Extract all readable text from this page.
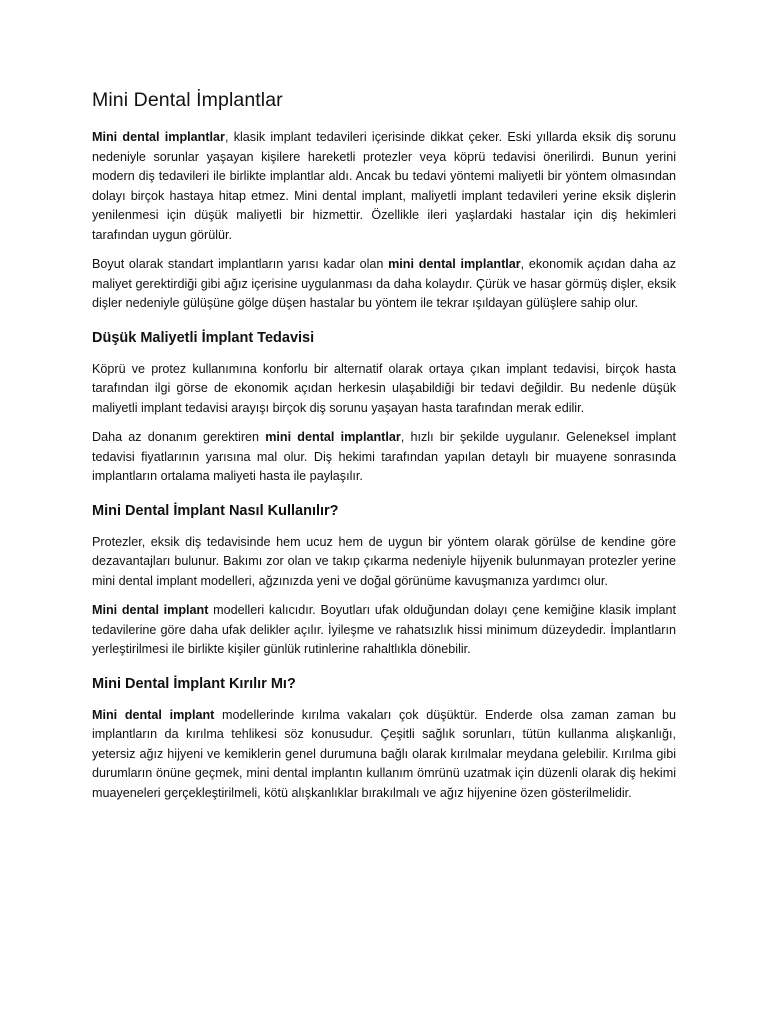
Mini Dental İmplantlar

Mini dental implantlar, klasik implant tedavileri içerisinde dikkat çeker. Eski yıllarda eksik diş sorunu nedeniyle sorunlar yaşayan kişilere hareketli protezler veya köprü tedavisi önerilirdi. Bunun yerini modern diş tedavileri ile birlikte implantlar aldı. Ancak bu tedavi yöntemi maliyetli bir yöntem olmasından dolayı birçok hastaya hitap etmez. Mini dental implant, maliyetli implant tedavileri yerine eksik dişlerin yenilenmesi için düşük maliyetli bir hizmettir. Özellikle ileri yaşlardaki hastalar için diş hekimleri tarafından uygun görülür.

Boyut olarak standart implantların yarısı kadar olan mini dental implantlar, ekonomik açıdan daha az maliyet gerektirdiği gibi ağız içerisine uygulanması da daha kolaydır. Çürük ve hasar görmüş dişler, eksik dişler nedeniyle gülüşüne gölge düşen hastalar bu yöntem ile tekrar ışıldayan gülüşlere sahip olur.

Düşük Maliyetli İmplant Tedavisi

Köprü ve protez kullanımına konforlu bir alternatif olarak ortaya çıkan implant tedavisi, birçok hasta tarafından ilgi görse de ekonomik açıdan herkesin ulaşabildiği bir tedavi değildir. Bu nedenle düşük maliyetli implant tedavisi arayışı birçok diş sorunu yaşayan hasta tarafından merak edilir.

Daha az donanım gerektiren mini dental implantlar, hızlı bir şekilde uygulanır. Geleneksel implant tedavisi fiyatlarının yarısına mal olur. Diş hekimi tarafından yapılan detaylı bir muayene sonrasında implantların ortalama maliyeti hasta ile paylaşılır.

Mini Dental İmplant Nasıl Kullanılır?

Protezler, eksik diş tedavisinde hem ucuz hem de uygun bir yöntem olarak görülse de kendine göre dezavantajları bulunur. Bakımı zor olan ve takıp çıkarma nedeniyle hijyenik bulunmayan protezler yerine mini dental implant modelleri, ağzınızda yeni ve doğal görünüme kavuşmanıza yardımcı olur.

Mini dental implant modelleri kalıcıdır. Boyutları ufak olduğundan dolayı çene kemiğine klasik implant tedavilerine göre daha ufak delikler açılır. İyileşme ve rahatsızlık hissi minimum düzeydedir. İmplantların yerleştirilmesi ile birlikte kişiler günlük rutinlerine rahaltlıkla dönebilir.

Mini Dental İmplant Kırılır Mı?

Mini dental implant modellerinde kırılma vakaları çok düşüktür. Enderde olsa zaman zaman bu implantların da kırılma tehlikesi söz konusudur. Çeşitli sağlık sorunları, tütün kullanma alışkanlığı, yetersiz ağız hijyeni ve kemiklerin genel durumuna bağlı olarak kırılmalar meydana gelebilir. Kırılma gibi durumların önüne geçmek, mini dental implantın kullanım ömrünü uzatmak için düzenli olarak diş hekimi muayeneleri gerçekleştirilmeli, kötü alışkanlıklar bırakılmalı ve ağız hijyenine özen gösterilmelidir.
